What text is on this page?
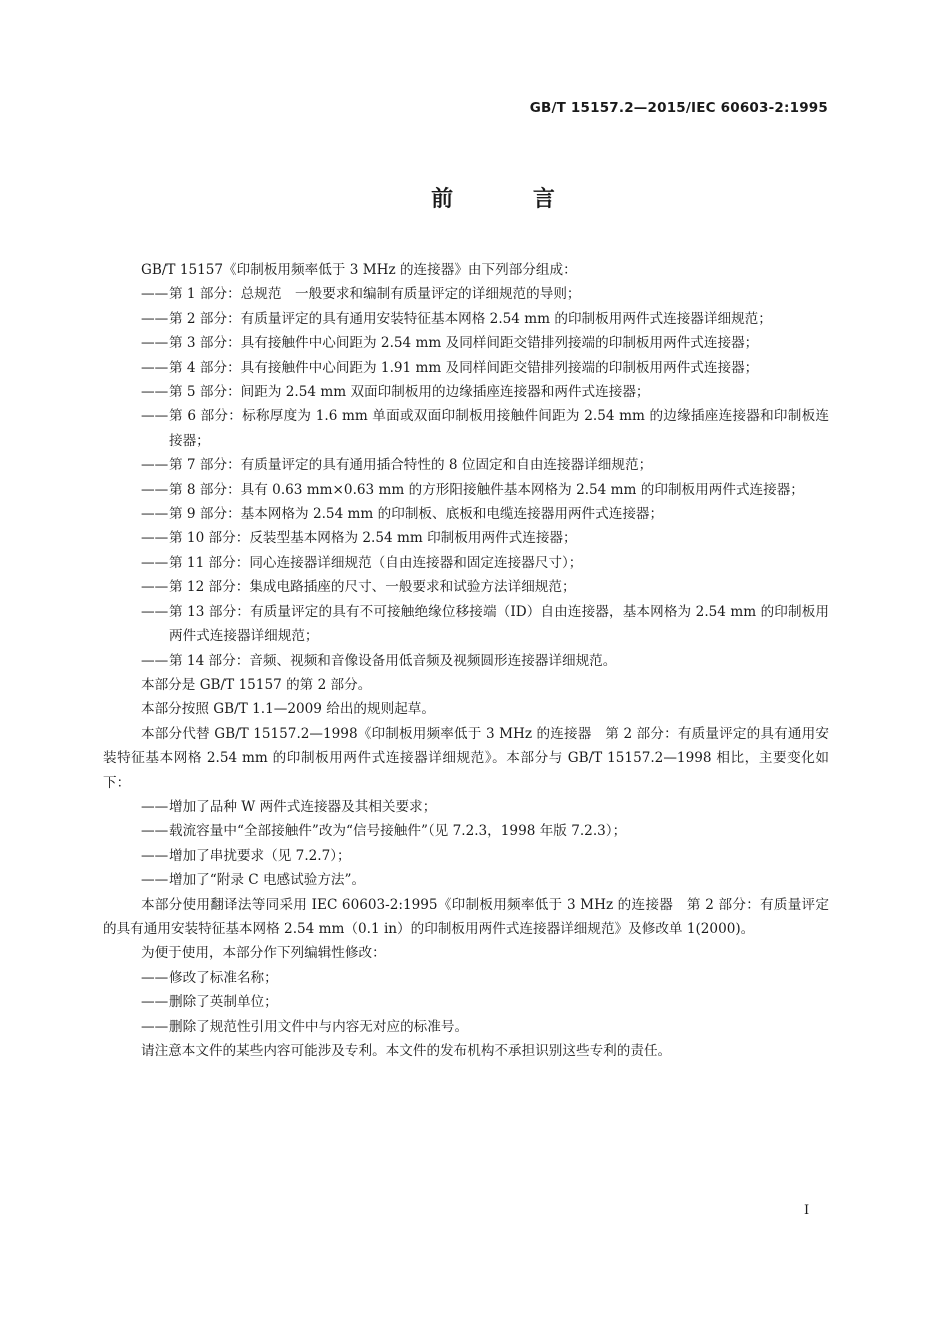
GB/T 15157.2—2015/IEC 60603-2:1995
前 言

GB/T 15157《印制板用频率低于 3 MHz 的连接器》由下列部分组成：

—— 第 1 部分：总规范　一般要求和编制有质量评定的详细规范的导则；

—— 第 2 部分：有质量评定的具有通用安装特征基本网格 2.54 mm 的印制板用两件式连接器详细规范；

—— 第 3 部分：具有接触件中心间距为 2.54 mm 及同样间距交错排列接端的印制板用两件式连接器；

—— 第 4 部分：具有接触件中心间距为 1.91 mm 及同样间距交错排列接端的印制板用两件式连接器；

—— 第 5 部分：间距为 2.54 mm 双面印制板用的边缘插座连接器和两件式连接器；

—— 第 6 部分：标称厚度为 1.6 mm 单面或双面印制板用接触件间距为 2.54 mm 的边缘插座连接器和印制板连接器；

—— 第 7 部分：有质量评定的具有通用插合特性的 8 位固定和自由连接器详细规范；

—— 第 8 部分：具有 0.63 mm×0.63 mm 的方形阳接触件基本网格为 2.54 mm 的印制板用两件式连接器；

—— 第 9 部分：基本网格为 2.54 mm 的印制板、底板和电缆连接器用两件式连接器；

—— 第 10 部分：反装型基本网格为 2.54 mm 印制板用两件式连接器；

—— 第 11 部分：同心连接器详细规范（自由连接器和固定连接器尺寸）；

—— 第 12 部分：集成电路插座的尺寸、一般要求和试验方法详细规范；

—— 第 13 部分：有质量评定的具有不可接触绝缘位移接端（ID）自由连接器，基本网格为 2.54 mm 的印制板用两件式连接器详细规范；

—— 第 14 部分：音频、视频和音像设备用低音频及视频圆形连接器详细规范。

本部分是 GB/T 15157 的第 2 部分。

本部分按照 GB/T 1.1—2009 给出的规则起草。

本部分代替 GB/T 15157.2—1998《印制板用频率低于 3 MHz 的连接器　第 2 部分：有质量评定的具有通用安装特征基本网格 2.54 mm 的印制板用两件式连接器详细规范》。本部分与 GB/T 15157.2—1998 相比，主要变化如下：

—— 增加了品种 W 两件式连接器及其相关要求；

—— 载流容量中“全部接触件”改为“信号接触件”（见 7.2.3，1998 年版 7.2.3）；

—— 增加了串扰要求（见 7.2.7）；

—— 增加了“附录 C 电感试验方法”。

本部分使用翻译法等同采用 IEC 60603-2:1995《印制板用频率低于 3 MHz 的连接器　第 2 部分：有质量评定的具有通用安装特征基本网格 2.54 mm（0.1 in）的印制板用两件式连接器详细规范》及修改单 1(2000)。

为便于使用，本部分作下列编辑性修改：

—— 修改了标准名称；

—— 删除了英制单位；

—— 删除了规范性引用文件中与内容无对应的标准号。

请注意本文件的某些内容可能涉及专利。本文件的发布机构不承担识别这些专利的责任。

I
